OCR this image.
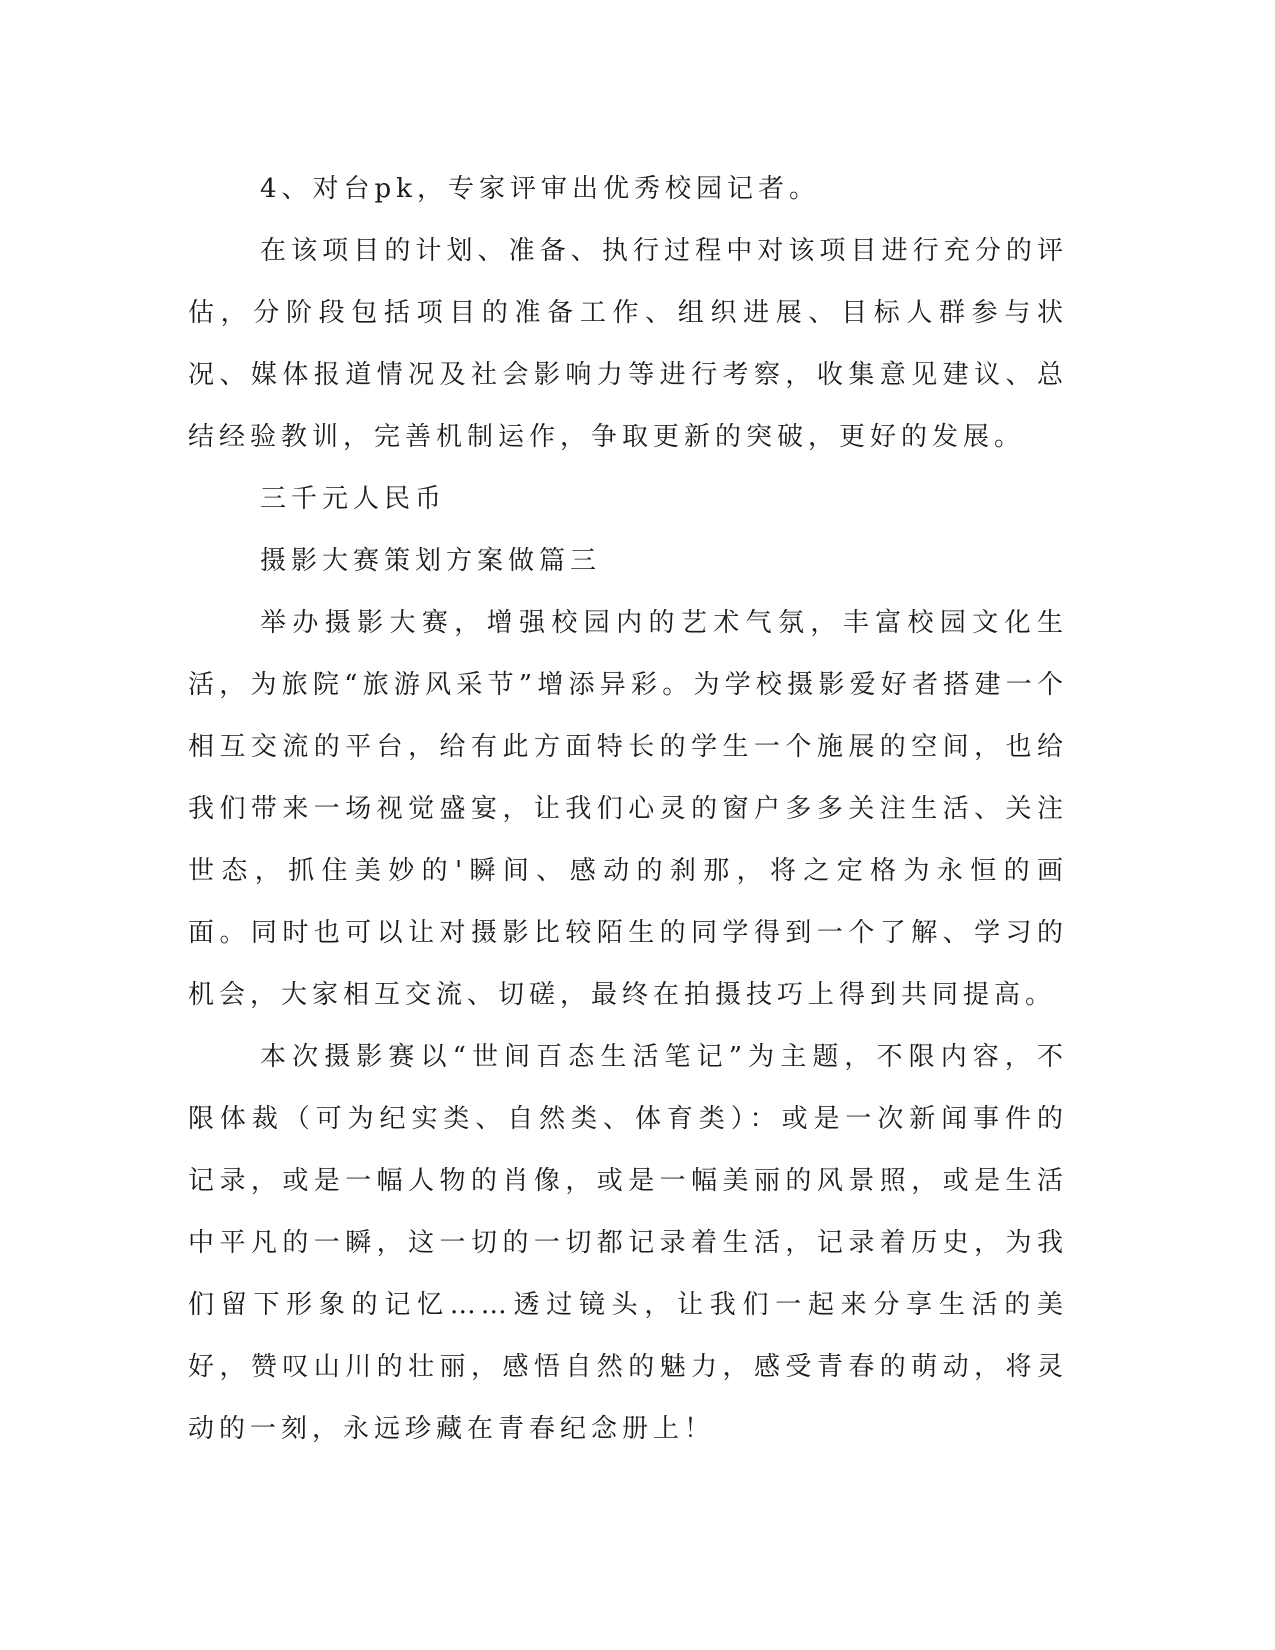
4、对台pk，专家评审出优秀校园记者。

在该项目的计划、准备、执行过程中对该项目进行充分的评估，分阶段包括项目的准备工作、组织进展、目标人群参与状况、媒体报道情况及社会影响力等进行考察，收集意见建议、总结经验教训，完善机制运作，争取更新的突破，更好的发展。

三千元人民币

摄影大赛策划方案做篇三

举办摄影大赛，增强校园内的艺术气氛，丰富校园文化生活，为旅院“旅游风采节”增添异彩。为学校摄影爱好者搭建一个相互交流的平台，给有此方面特长的学生一个施展的空间，也给我们带来一场视觉盛宴，让我们心灵的窗户多多关注生活、关注世态，抓住美妙的'瞬间、感动的刹那，将之定格为永恒的画面。同时也可以让对摄影比较陌生的同学得到一个了解、学习的机会，大家相互交流、切磋，最终在拍摄技巧上得到共同提高。

本次摄影赛以“世间百态生活笔记”为主题，不限内容，不限体裁（可为纪实类、自然类、体育类）：或是一次新闻事件的记录，或是一幅人物的肖像，或是一幅美丽的风景照，或是生活中平凡的一瞬，这一切的一切都记录着生活，记录着历史，为我们留下形象的记忆……透过镜头，让我们一起来分享生活的美好，赞叹山川的壮丽，感悟自然的魅力，感受青春的萌动，将灵动的一刻，永远珍藏在青春纪念册上！
